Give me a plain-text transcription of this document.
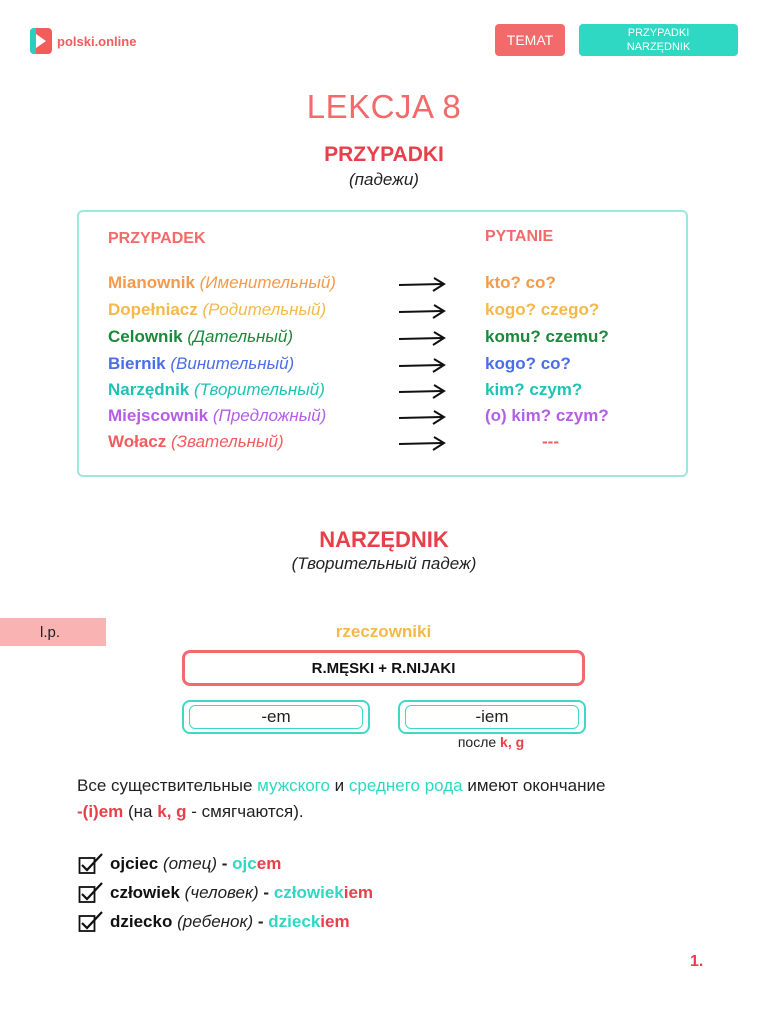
polski.online	TEMAT	PRZYPADKI
NARZĘDNIK
LEKCJA 8
PRZYPADKI
(падежи)
PRZYPADEK	PYTANIE
Mianownik (Именительный)	kto? co?
Dopełniacz (Родительный)	kogo? czego?
Celownik (Дательный)	komu? czemu?
Biernik (Винительный)	kogo? co?
Narzędnik (Творительный)	kim? czym?
Miejscownik (Предложный)	(o) kim? czym?
Wołacz (Звательный)	---
NARZĘDNIK
(Творительный падеж)
l.p.	rzeczowniki
R.MĘSKI + R.NIJAKI
-em	-iem
после k, g
Все существительные мужского и среднего рода имеют окончание
-(i)em (на k, g - смягчаются).
ojciec (отец) - ojcem
człowiek (человек) - człowiekiem
dziecko (ребенок) - dzieckiem
1.
